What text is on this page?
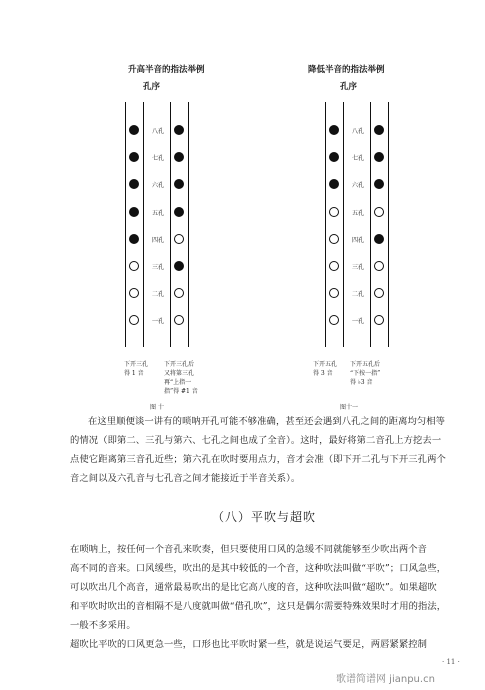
升高半音的指法举例
孔序
八孔
七孔
六孔
五孔
四孔
三孔
二孔
一孔
下开三孔
得 1 音
下开三孔后
又将第三孔
再“上指一
指”得 #1 音
图 十
降低半音的指法举例
孔序
八孔
七孔
六孔
五孔
四孔
三孔
二孔
一孔
下开五孔
得 3 音
下开五孔后
“下按一指”
得 ♭3 音
图十一

在这里顺便谈一讲有的唢呐开孔可能不够准确，甚至还会遇到八孔之间的距离均匀相等

的情况（即第二、三孔与第六、七孔之间也成了全音）。这时，最好将第二音孔上方挖去一

点使它距离第三音孔近些；第六孔在吹时要用点力，音才会准（即下开二孔与下开三孔两个

音之间以及六孔音与七孔音之间才能接近于半音关系）。

（八）平吹与超吹

在唢呐上，按任何一个音孔来吹奏，但只要使用口风的急缓不同就能够至少吹出两个音

高不同的音来。口风缓些，吹出的是其中较低的一个音，这种吹法叫做“平吹”；口风急些，

可以吹出几个高音，通常最易吹出的是比它高八度的音，这种吹法叫做“超吹”。如果超吹

和平吹时吹出的音相隔不是八度就叫做“借孔吹”，这只是偶尔需要特殊效果时才用的指法，

一般不多采用。

超吹比平吹的口风更急一些，口形也比平吹时紧一些，就是说运气要足，两唇紧紧控制

· 11 ·
歌谱简谱网 jianpu.cn
